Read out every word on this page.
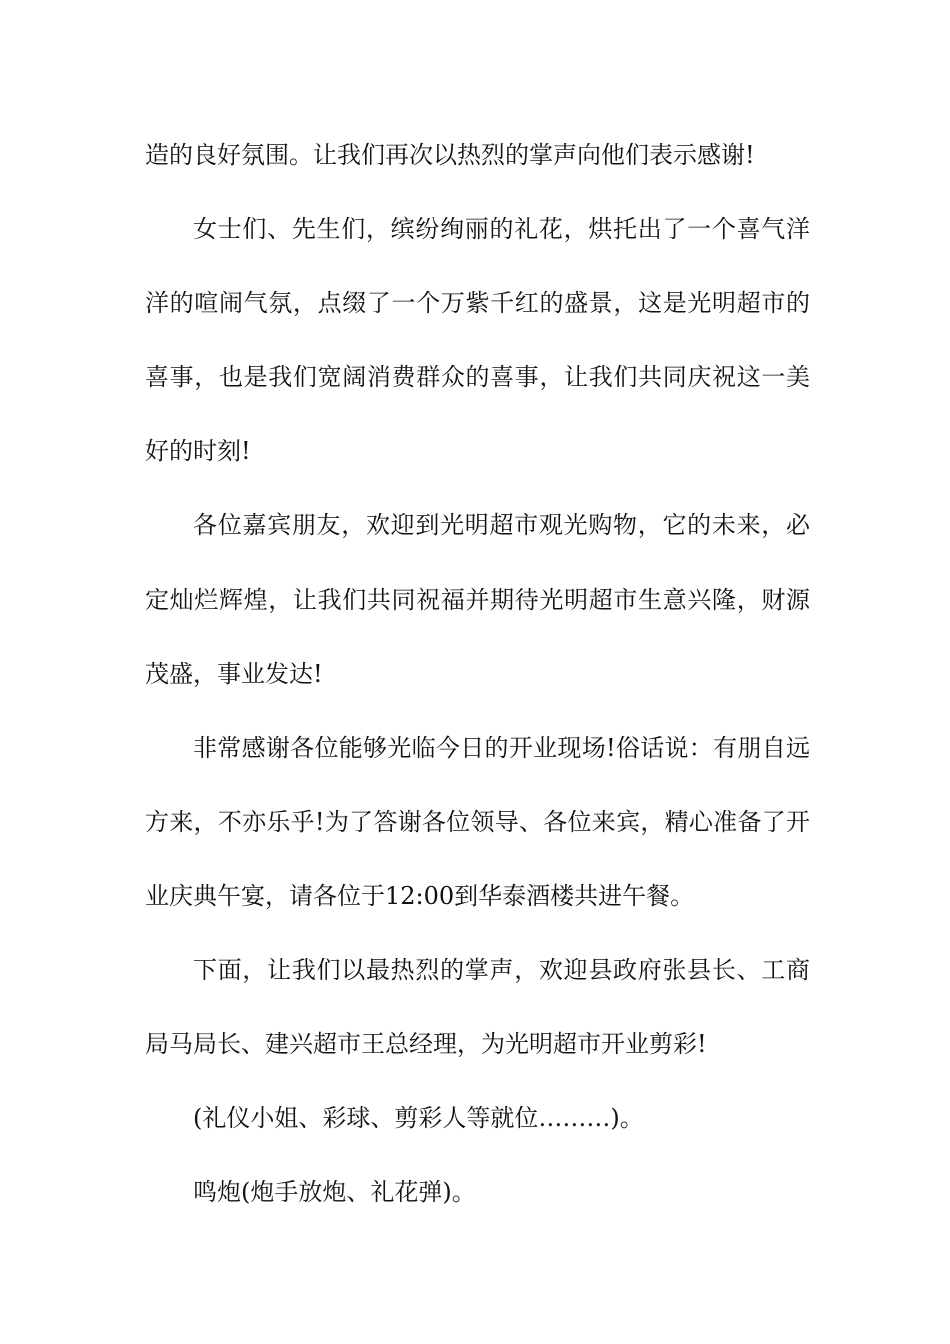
造的良好氛围。让我们再次以热烈的掌声向他们表示感谢!
女士们、先生们，缤纷绚丽的礼花，烘托出了一个喜气洋
洋的喧闹气氛，点缀了一个万紫千红的盛景，这是光明超市的
喜事，也是我们宽阔消费群众的喜事，让我们共同庆祝这一美
好的时刻!
各位嘉宾朋友，欢迎到光明超市观光购物，它的未来，必
定灿烂辉煌，让我们共同祝福并期待光明超市生意兴隆，财源
茂盛，事业发达!
非常感谢各位能够光临今日的开业现场!俗话说：有朋自远
方来，不亦乐乎!为了答谢各位领导、各位来宾，精心准备了开
业庆典午宴，请各位于12:00到华泰酒楼共进午餐。
下面，让我们以最热烈的掌声，欢迎县政府张县长、工商
局马局长、建兴超市王总经理，为光明超市开业剪彩!
(礼仪小姐、彩球、剪彩人等就位………)。
鸣炮(炮手放炮、礼花弹)。
